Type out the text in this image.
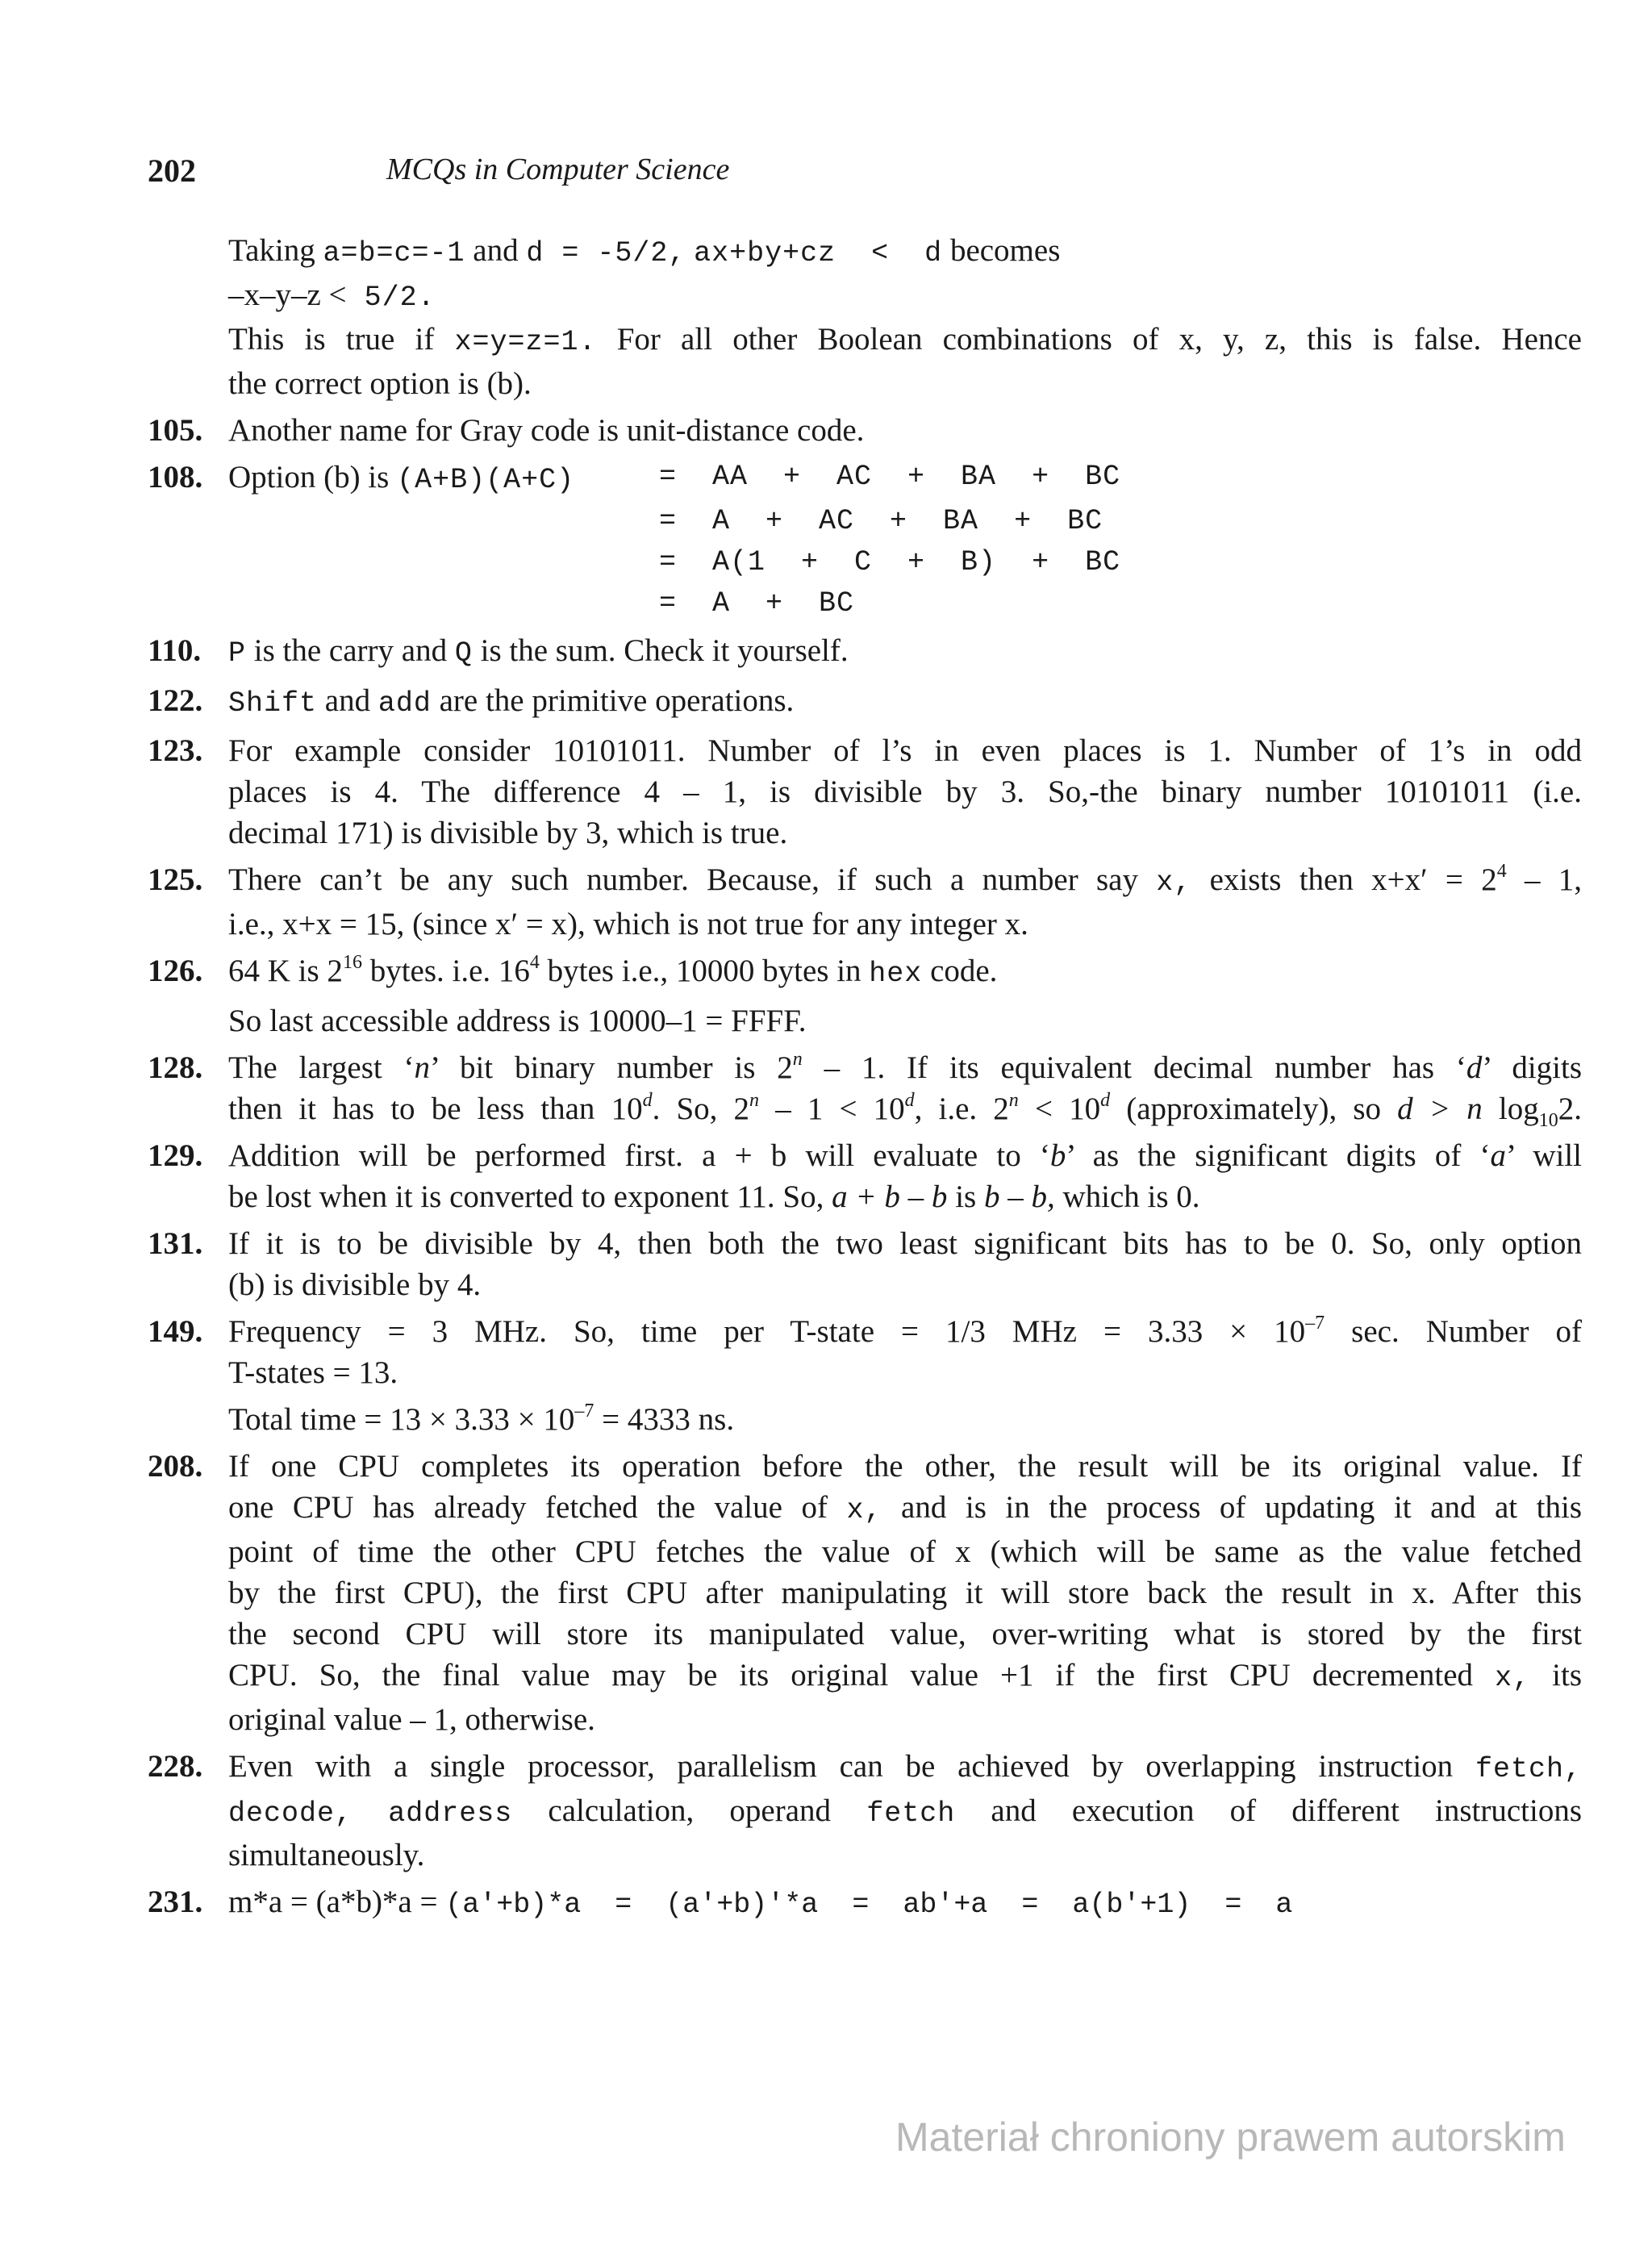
202	MCQs in Computer Science
Taking a=b=c=-1 and d = -5/2, ax+by+cz  <  d becomes
–x–y–z < 5/2.
This is true if x=y=z=1. For all other Boolean combinations of x, y, z, this is false. Hence
the correct option is (b).
105. Another name for Gray code is unit-distance code.
108. Option (b) is (A+B)(A+C)	=  AA  +  AC  +  BA  +  BC
=  A  +  AC  +  BA  +  BC
=  A(1  +  C  +  B)  +  BC
=  A  +  BC
110. P is the carry and Q is the sum. Check it yourself.
122. Shift and add are the primitive operations.
123. For example consider 10101011. Number of l’s in even places is 1. Number of 1’s in odd
places is 4. The difference 4 – 1, is divisible by 3. So,-the binary number 10101011 (i.e.
decimal 171) is divisible by 3, which is true.
125. There can’t be any such number. Because, if such a number say x, exists then $x+x' = 2^4 - 1$,
i.e., x+x = 15, (since x′ = x), which is not true for any integer x.
126. 64 K is $2^{16}$ bytes. i.e. $16^4$ bytes i.e., 10000 bytes in hex code.
So last accessible address is 10000–1 = FFFF.
128. The largest ‘n’ bit binary number is 2$^n$ – 1. If its equivalent decimal number has ‘d’ digits
then it has to be less than 10$^d$. So, $2^n - 1 < 10^d$, i.e. $2^n < 10^d$ (approximately), so d > n $\log_{10}2$.
129. Addition will be performed first. a + b will evaluate to ‘b’ as the significant digits of ‘a’ will
be lost when it is converted to exponent 11. So, a + b – b is b – b, which is 0.
131. If it is to be divisible by 4, then both the two least significant bits has to be 0. So, only option
(b) is divisible by 4.
149. Frequency = 3 MHz. So, time per T-state = 1/3 MHz = $3.33 \times 10^{-7}$ sec. Number of
T-states = 13.
Total time = $13 \times 3.33 \times 10^{-7} = 4333$ ns.
208. If one CPU completes its operation before the other, the result will be its original value. If
one CPU has already fetched the value of x, and is in the process of updating it and at this
point of time the other CPU fetches the value of x (which will be same as the value fetched
by the first CPU), the first CPU after manipulating it will store back the result in x. After this
the second CPU will store its manipulated value, over-writing what is stored by the first
CPU. So, the final value may be its original value +1 if the first CPU decremented x, its
original value – 1, otherwise.
228. Even with a single processor, parallelism can be achieved by overlapping instruction fetch,
decode, address calculation, operand fetch and execution of different instructions
simultaneously.
231. m*a = (a*b)*a = (a′+b)*a  =  (a′+b)′*a  =  ab′+a  =  a(b′+1)  =  a
Materiał chroniony prawem autorskim
